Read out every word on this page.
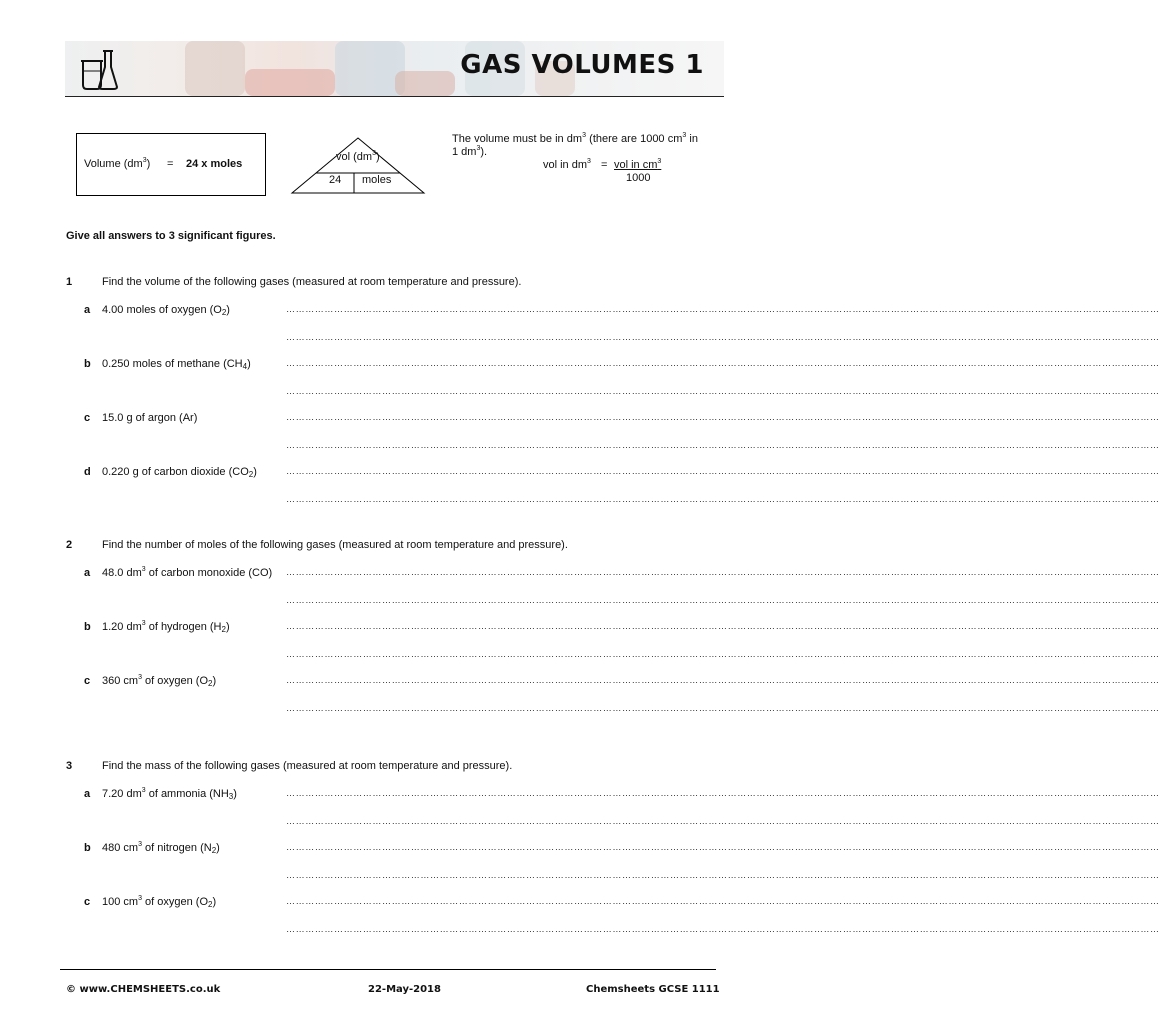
GAS VOLUMES 1
Volume $(dm^3) = 24$ x moles
vol $(dm^3)$
24 moles
The volume must be in $dm^3$ (there are 1000 $cm^3$ in 1 $dm^3$).
vol in $dm^3$ = vol in $cm^3$
1000
Give all answers to 3 significant figures.
1	Find the volume of the following gases (measured at room temperature and pressure).
a 4.00 moles of oxygen $(O_2)$	…………………………………………………………………………………………………………………………………………………………………………………………………………………………………………………
…………………………………………………………………………………………………………………………………………………………………………………………………………………………………………………
b 0.250 moles of methane $(CH_4)$	…………………………………………………………………………………………………………………………………………………………………………………………………………………………………………………
…………………………………………………………………………………………………………………………………………………………………………………………………………………………………………………
c 15.0 g of argon (Ar)	…………………………………………………………………………………………………………………………………………………………………………………………………………………………………………………
…………………………………………………………………………………………………………………………………………………………………………………………………………………………………………………
d 0.220 g of carbon dioxide $(CO_2)$	…………………………………………………………………………………………………………………………………………………………………………………………………………………………………………………
…………………………………………………………………………………………………………………………………………………………………………………………………………………………………………………
2	Find the number of moles of the following gases (measured at room temperature and pressure).
a 48.0 $dm^3$ of carbon monoxide (CO) …………………………………………………………………………………………………………………………………………………………………………………………………………………………………………………
…………………………………………………………………………………………………………………………………………………………………………………………………………………………………………………
b 1.20 $dm^3$ of hydrogen $(H_2)$	…………………………………………………………………………………………………………………………………………………………………………………………………………………………………………………
…………………………………………………………………………………………………………………………………………………………………………………………………………………………………………………
c 360 $cm^3$ of oxygen $(O_2)$	…………………………………………………………………………………………………………………………………………………………………………………………………………………………………………………
…………………………………………………………………………………………………………………………………………………………………………………………………………………………………………………
3	Find the mass of the following gases (measured at room temperature and pressure).
a 7.20 $dm^3$ of ammonia $(NH_3)$	…………………………………………………………………………………………………………………………………………………………………………………………………………………………………………………
…………………………………………………………………………………………………………………………………………………………………………………………………………………………………………………
b 480 $cm^3$ of nitrogen $(N_2)$	…………………………………………………………………………………………………………………………………………………………………………………………………………………………………………………
…………………………………………………………………………………………………………………………………………………………………………………………………………………………………………………
c 100 $cm^3$ of oxygen $(O_2)$	…………………………………………………………………………………………………………………………………………………………………………………………………………………………………………………
…………………………………………………………………………………………………………………………………………………………………………………………………………………………………………………
© www.CHEMSHEETS.co.uk	22-May-2018	Chemsheets GCSE 1111
